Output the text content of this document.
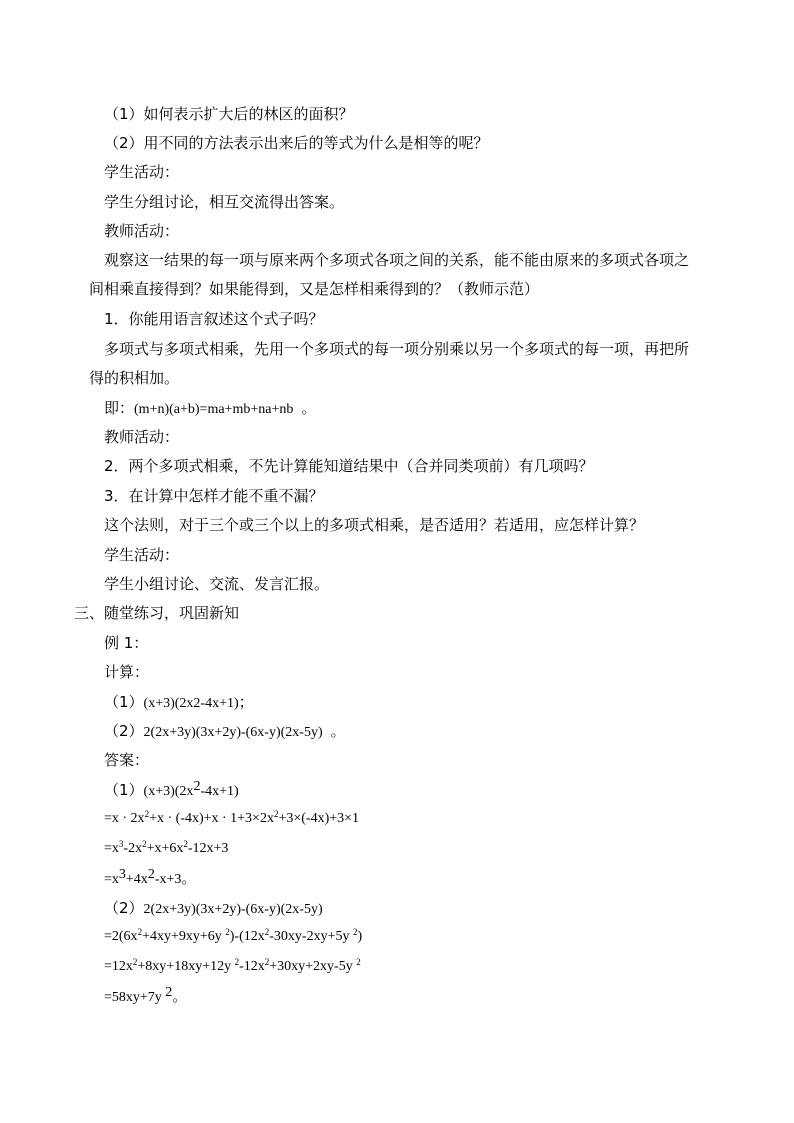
（1）如何表示扩大后的林区的面积？
（2）用不同的方法表示出来后的等式为什么是相等的呢？
学生活动：
学生分组讨论，相互交流得出答案。
教师活动：
观察这一结果的每一项与原来两个多项式各项之间的关系，能不能由原来的多项式各项之
间相乘直接得到？如果能得到，又是怎样相乘得到的？（教师示范）
1．你能用语言叙述这个式子吗？
多项式与多项式相乘，先用一个多项式的每一项分别乘以另一个多项式的每一项，再把所
得的积相加。
即：(m+n)(a+b)=ma+mb+na+nb 。
教师活动：
2．两个多项式相乘，不先计算能知道结果中（合并同类项前）有几项吗？
3．在计算中怎样才能不重不漏？
这个法则，对于三个或三个以上的多项式相乘，是否适用？若适用，应怎样计算？
学生活动：
学生小组讨论、交流、发言汇报。
三、随堂练习，巩固新知
例 1：
计算：
（1）(x+3)(2x2-4x+1)；
（2）2(2x+3y)(3x+2y)-(6x-y)(2x-5y) 。
答案：
$(1)(x+3)(2x^2-4x+1)$
$=x \cdot 2x^2+x \cdot (-4x)+x \cdot 1+3\times 2x^2+3\times(-4x)+3\times 1$
$=x^3-2x^2+x+6x^2-12x+3$
$=x^3+4x^2-x+3$。
（2）2(2x+3y)(3x+2y)-(6x-y)(2x-5y)
$=2(6x^2+4xy+9xy+6y$ $^2)-(12x^2-30xy-2xy+5y$ $^2$)
$=12x^2+8xy+18xy+12y$ $^2-12x^2+30xy+2xy-5y$ $^2$
=58xy+7y $^2$。
